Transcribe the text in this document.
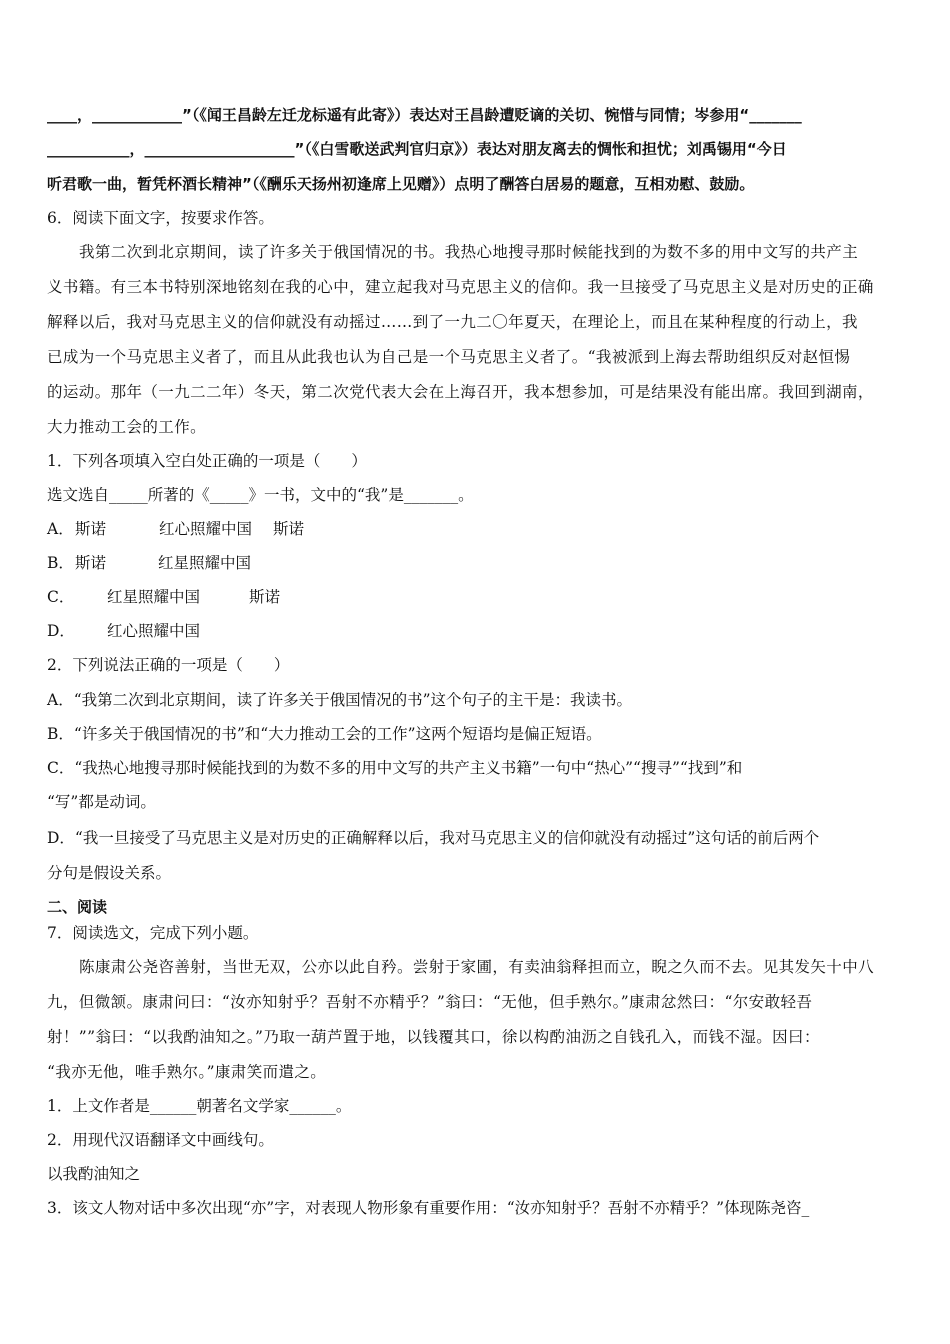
____，____________”（《闻王昌龄左迁龙标遥有此寄》）表达对王昌龄遭贬谪的关切、惋惜与同情；岑参用“_______
___________，____________________”（《白雪歌送武判官归京》）表达对朋友离去的惆怅和担忧；刘禹锡用“今日
听君歌一曲，暂凭杯酒长精神”（《酬乐天扬州初逢席上见赠》）点明了酬答白居易的题意，互相劝慰、鼓励。
6．阅读下面文字，按要求作答。
我第二次到北京期间，读了许多关于俄国情况的书。我热心地搜寻那时候能找到的为数不多的用中文写的共产主
义书籍。有三本书特别深地铭刻在我的心中，建立起我对马克思主义的信仰。我一旦接受了马克思主义是对历史的正确
解释以后，我对马克思主义的信仰就没有动摇过……到了一九二〇年夏天，在理论上，而且在某种程度的行动上，我
已成为一个马克思主义者了，而且从此我也认为自己是一个马克思主义者了。“我被派到上海去帮助组织反对赵恒惕
的运动。那年（一九二二年）冬天，第二次党代表大会在上海召开，我本想参加，可是结果没有能出席。我回到湖南，
大力推动工会的工作。
1．下列各项填入空白处正确的一项是（　　）
选文选自_____所著的《_____》一书，文中的“我”是_______。
A．斯诺	红心照耀中国 斯诺
B．斯诺	红星照耀中国
C． 红星照耀中国	斯诺
D． 红心照耀中国
2．下列说法正确的一项是（　　）
A．“我第二次到北京期间，读了许多关于俄国情况的书”这个句子的主干是：我读书。
B．“许多关于俄国情况的书”和“大力推动工会的工作”这两个短语均是偏正短语。
C．“我热心地搜寻那时候能找到的为数不多的用中文写的共产主义书籍”一句中“热心”“搜寻”“找到”和
“写”都是动词。
D．“我一旦接受了马克思主义是对历史的正确解释以后，我对马克思主义的信仰就没有动摇过”这句话的前后两个
分句是假设关系。
二、阅读
7．阅读选文，完成下列小题。
陈康肃公尧咨善射，当世无双，公亦以此自矜。尝射于家圃，有卖油翁释担而立，睨之久而不去。见其发矢十中八
九，但微颔。康肃问曰：“汝亦知射乎？吾射不亦精乎？”翁曰：“无他，但手熟尔。”康肃忿然曰：“尔安敢轻吾
射！””翁曰：“以我酌油知之。”乃取一葫芦置于地，以钱覆其口，徐以构酌油沥之自钱孔入，而钱不湿。因曰：
“我亦无他，唯手熟尔。”康肃笑而遣之。
1．上文作者是______朝著名文学家______。
2．用现代汉语翻译文中画线句。
以我酌油知之
3．该文人物对话中多次出现“亦”字，对表现人物形象有重要作用：“汝亦知射乎？吾射不亦精乎？”体现陈尧咨_
